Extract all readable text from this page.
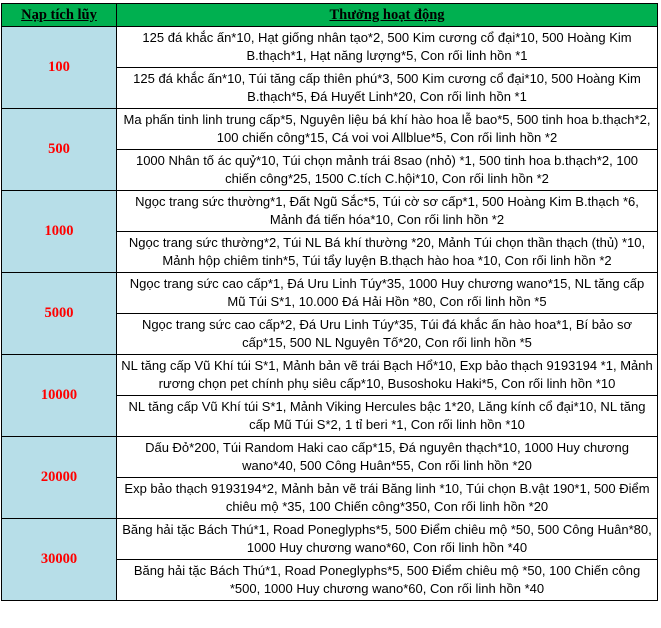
Nạp tích lũy	Thưởng hoạt động
100	125 đá khắc ấn*10, Hạt giống nhân tạo*2, 500 Kim cương cổ đại*10, 500 Hoàng Kim B.thạch*1, Hạt năng lượng*5, Con rối linh hồn *1
	125 đá khắc ấn*10, Túi tăng cấp thiên phú*3, 500 Kim cương cổ đại*10, 500 Hoàng Kim B.thạch*5, Đá Huyết Linh*20, Con rối linh hồn *1
500	Ma phấn tinh linh trung cấp*5, Nguyên liệu bá khí hào hoa lễ bao*5, 500 tinh hoa b.thạch*2, 100 chiến công*15, Cá voi voi Allblue*5, Con rối linh hồn *2
	1000 Nhân tố ác quỷ*10, Túi chọn mảnh trái 8sao (nhỏ) *1, 500 tinh hoa b.thạch*2, 100 chiến công*25, 1500 C.tích C.hội*10, Con rối linh hồn *2
1000	Ngọc trang sức thường*1, Đất Ngũ Sắc*5, Túi cờ sơ cấp*1, 500 Hoàng Kim B.thạch *6, Mảnh đá tiến hóa*10, Con rối linh hồn *2
	Ngọc trang sức thường*2, Túi NL Bá khí thường *20, Mảnh Túi chọn thần thạch (thủ) *10, Mảnh hộp chiêm tinh*5, Túi tẩy luyện B.thạch hào hoa *10, Con rối linh hồn *2
5000	Ngọc trang sức cao cấp*1, Đá Uru Linh Túy*35, 1000 Huy chương wano*15, NL tăng cấp Mũ Túi S*1, 10.000 Đá Hải Hồn *80, Con rối linh hồn *5
	Ngọc trang sức cao cấp*2, Đá Uru Linh Túy*35, Túi đá khắc ấn hào hoa*1, Bí bảo sơ cấp*15, 500 NL Nguyên Tố*20, Con rối linh hồn *5
10000	NL tăng cấp Vũ Khí túi S*1, Mảnh bản vẽ trái Bạch Hổ*10, Exp bảo thạch 9193194 *1, Mảnh rương chọn pet chính phụ siêu cấp*10, Busoshoku Haki*5, Con rối linh hồn *10
	NL tăng cấp Vũ Khí túi S*1, Mảnh Viking Hercules bậc 1*20, Lăng kính cổ đại*10, NL tăng cấp Mũ Túi S*2, 1 tỉ beri *1, Con rối linh hồn *10
20000	Dấu Đỏ*200, Túi Random Haki cao cấp*15, Đá nguyên thạch*10, 1000 Huy chương wano*40, 500 Công Huân*55, Con rối linh hồn *20
	Exp bảo thạch 9193194*2, Mảnh bản vẽ trái Băng linh *10, Túi chọn B.vật 190*1, 500 Điểm chiêu mộ *35, 100 Chiến công*350, Con rối linh hồn *20
30000	Băng hải tặc Bách Thú*1, Road Poneglyphs*5, 500 Điểm chiêu mộ *50, 500 Công Huân*80, 1000 Huy chương wano*60, Con rối linh hồn *40
	Băng hải tặc Bách Thú*1, Road Poneglyphs*5, 500 Điểm chiêu mộ *50, 100 Chiến công *500, 1000 Huy chương wano*60, Con rối linh hồn *40
